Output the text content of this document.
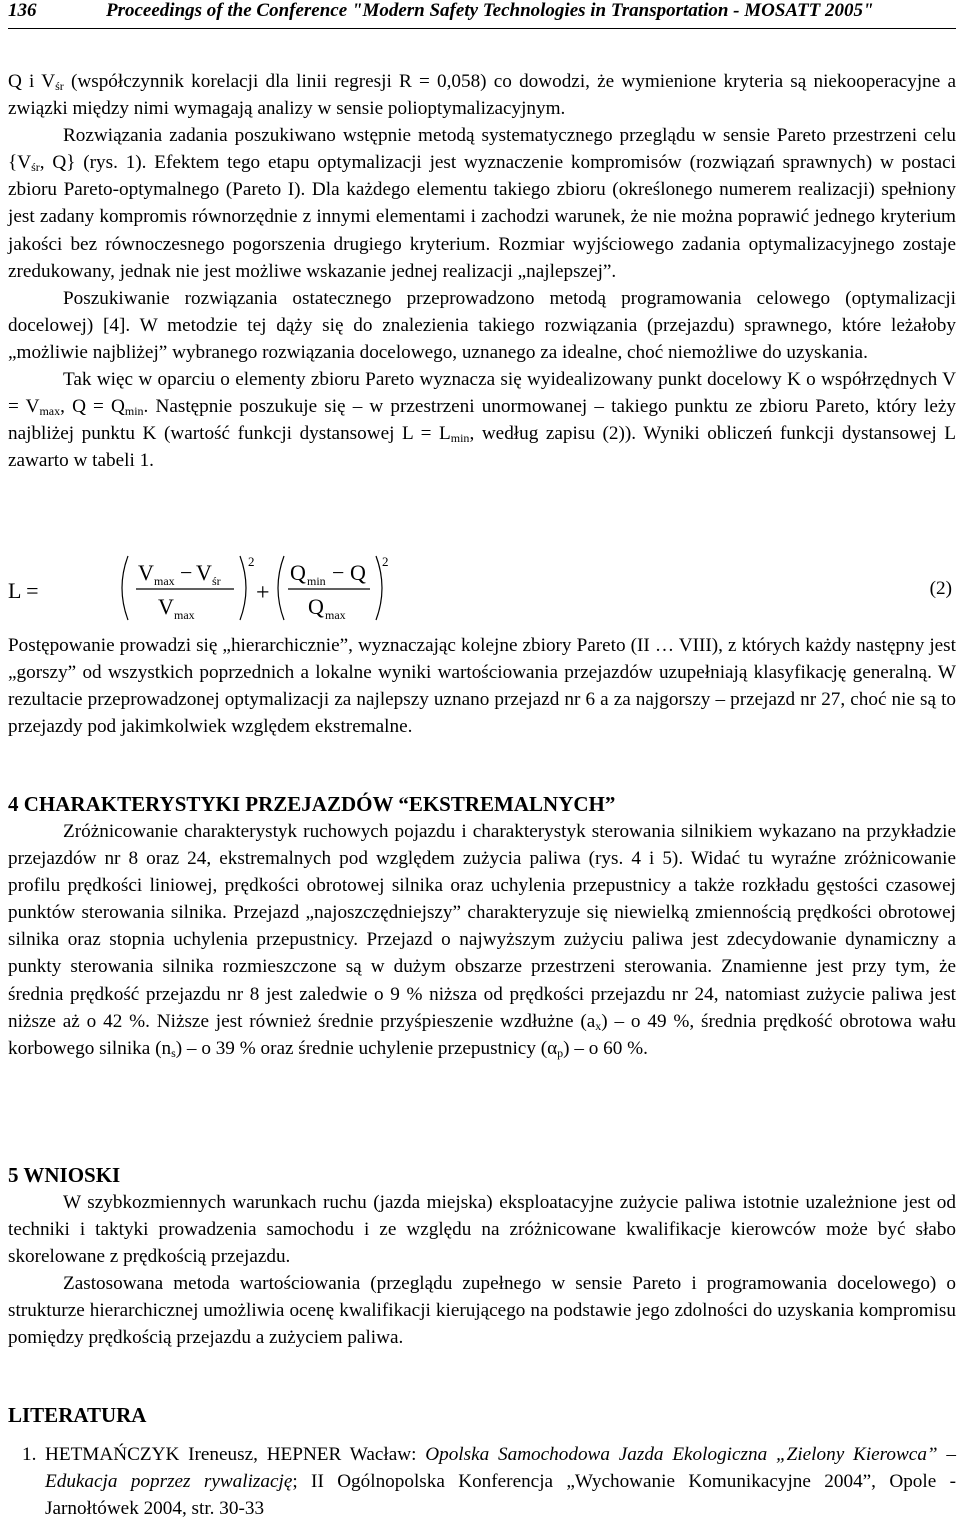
136	Proceedings of the Conference "Modern Safety Technologies in Transportation - MOSATT 2005"

Q i $V_{śr}$ (współczynnik korelacji dla linii regresji R = 0,058) co dowodzi, że wymienione kryteria są niekooperacyjne a związki między nimi wymagają analizy w sensie polioptymalizacyjnym.

Rozwiązania zadania poszukiwano wstępnie metodą systematycznego przeglądu w sensie Pareto przestrzeni celu {$V_{śr}$, Q} (rys. 1). Efektem tego etapu optymalizacji jest wyznaczenie kompromisów (rozwiązań sprawnych) w postaci zbioru Pareto-optymalnego (Pareto I). Dla każdego elementu takiego zbioru (określonego numerem realizacji) spełniony jest zadany kompromis równorzędnie z innymi elementami i zachodzi warunek, że nie można poprawić jednego kryterium jakości bez równoczesnego pogorszenia drugiego kryterium. Rozmiar wyjściowego zadania optymalizacyjnego zostaje zredukowany, jednak nie jest możliwe wskazanie jednej realizacji „najlepszej”.

Poszukiwanie rozwiązania ostatecznego przeprowadzono metodą programowania celowego (optymalizacji docelowej) [4]. W metodzie tej dąży się do znalezienia takiego rozwiązania (przejazdu) sprawnego, które leżałoby „możliwie najbliżej” wybranego rozwiązania docelowego, uznanego za idealne, choć niemożliwe do uzyskania.

Tak więc w oparciu o elementy zbioru Pareto wyznacza się wyidealizowany punkt docelowy K o współrzędnych $V = V_{max}$, $Q = Q_{min}$. Następnie poszukuje się – w przestrzeni unormowanej – takiego punktu ze zbioru Pareto, który leży najbliżej punktu K (wartość funkcji dystansowej $L = L_{min}$, według zapisu (2)). Wyniki obliczeń funkcji dystansowej L zawarto w tabeli 1.

L =
V max − V śr
V max
2
+
Q min − Q
Q max
2
(2)

Postępowanie prowadzi się „hierarchicznie”, wyznaczając kolejne zbiory Pareto (II … VIII), z których każdy następny jest „gorszy” od wszystkich poprzednich a lokalne wyniki wartościowania przejazdów uzupełniają klasyfikację generalną. W rezultacie przeprowadzonej optymalizacji za najlepszy uznano przejazd nr 6 a za najgorszy – przejazd nr 27, choć nie są to przejazdy pod jakimkolwiek względem ekstremalne.

4 CHARAKTERYSTYKI PRZEJAZDÓW “EKSTREMALNYCH”

Zróżnicowanie charakterystyk ruchowych pojazdu i charakterystyk sterowania silnikiem wykazano na przykładzie przejazdów nr 8 oraz 24, ekstremalnych pod względem zużycia paliwa (rys. 4 i 5). Widać tu wyraźne zróżnicowanie profilu prędkości liniowej, prędkości obrotowej silnika oraz uchylenia przepustnicy a także rozkładu gęstości czasowej punktów sterowania silnika. Przejazd „najoszczędniejszy” charakteryzuje się niewielką zmiennością prędkości obrotowej silnika oraz stopnia uchylenia przepustnicy. Przejazd o najwyższym zużyciu paliwa jest zdecydowanie dynamiczny a punkty sterowania silnika rozmieszczone są w dużym obszarze przestrzeni sterowania. Znamienne jest przy tym, że średnia prędkość przejazdu nr 8 jest zaledwie o 9 % niższa od prędkości przejazdu nr 24, natomiast zużycie paliwa jest niższe aż o 42 %. Niższe jest również średnie przyśpieszenie wzdłużne $(a_x)$ – o 49 %, średnia prędkość obrotowa wału korbowego silnika $(n_s)$ – o 39 % oraz średnie uchylenie przepustnicy $(\alpha_p)$ – o 60 %.

5 WNIOSKI

W szybkozmiennych warunkach ruchu (jazda miejska) eksploatacyjne zużycie paliwa istotnie uzależnione jest od techniki i taktyki prowadzenia samochodu i ze względu na zróżnicowane kwalifikacje kierowców może być słabo skorelowane z prędkością przejazdu.

Zastosowana metoda wartościowania (przeglądu zupełnego w sensie Pareto i programowania docelowego) o strukturze hierarchicznej umożliwia ocenę kwalifikacji kierującego na podstawie jego zdolności do uzyskania kompromisu pomiędzy prędkością przejazdu a zużyciem paliwa.

LITERATURA
1. HETMAŃCZYK Ireneusz, HEPNER Wacław: Opolska Samochodowa Jazda Ekologiczna „Zielony Kierowca” – Edukacja poprzez rywalizację; II Ogólnopolska Konferencja „Wychowanie Komunikacyjne 2004”, Opole - Jarnołtówek 2004, str. 30-33
